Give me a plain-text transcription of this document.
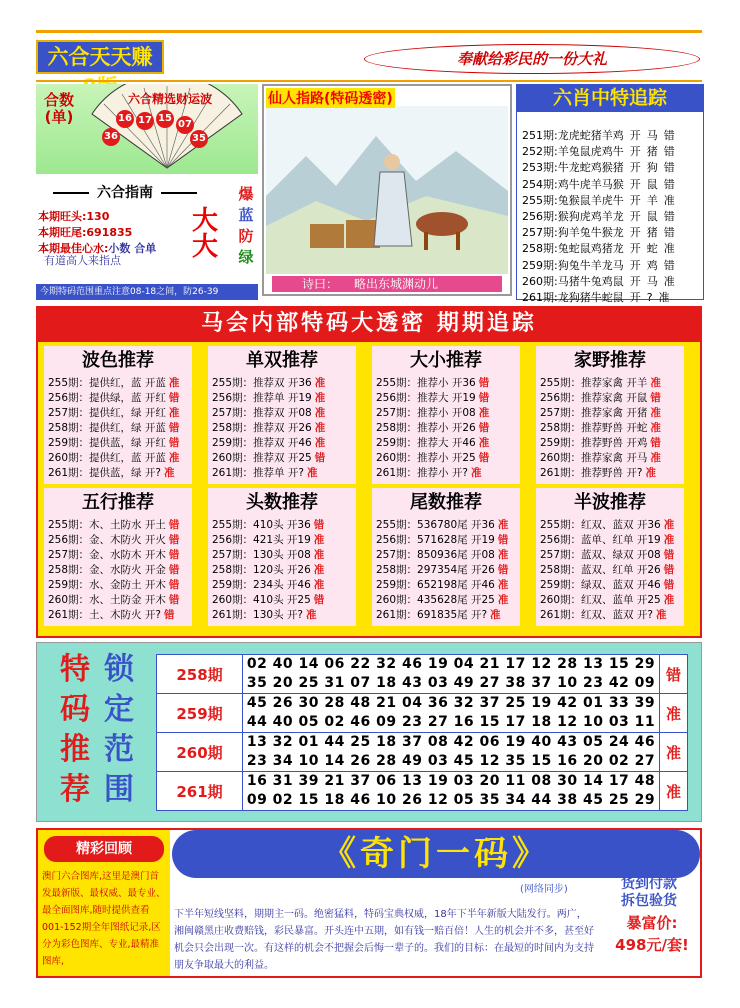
六合天天赚	奉献给彩民的一份大礼
合数(单)
六合精选财运波
16 17 15
07
36	35
六合指南
本期旺头:130
本期旺尾:691835
本期最佳心水:小数 合单
大大
爆
蓝
防
绿
有道高人来指点
今期特码范围重点注意08-18之间，防26-39
仙人指路(特码透密)
诗曰： 略出东城渊动儿
六肖中特追踪
251期:龙虎蛇猪羊鸡 开 马 错
252期:羊兔鼠虎鸡牛 开 猪 错
253期:牛龙蛇鸡猴猪 开 狗 错
254期:鸡牛虎羊马猴 开 鼠 错
255期:兔猴鼠羊虎牛 开 羊 准
256期:猴狗虎鸡羊龙 开 鼠 错
257期:狗羊兔牛猴龙 开 猪 错
258期:兔蛇鼠鸡猪龙 开 蛇 准
259期:狗兔牛羊龙马 开 鸡 错
260期:马猪牛兔鸡鼠 开 马 准
261期:龙狗猪牛蛇鼠 开 ? 准
马会内部特码大透密 期期追踪
波色推荐
255期：提供红，蓝 开蓝 准
256期：提供绿，蓝 开红 错
257期：提供红，绿 开红 准
258期：提供红，绿 开蓝 错
259期：提供蓝，绿 开红 错
260期：提供红，蓝 开蓝 准
261期：提供蓝，绿 开? 准
单双推荐
255期：推荐双 开36 准
256期：推荐单 开19 准
257期：推荐双 开08 准
258期：推荐双 开26 准
259期：推荐双 开46 准
260期：推荐双 开25 错
261期：推荐单 开? 准
大小推荐
255期：推荐小 开36 错
256期：推荐大 开19 错
257期：推荐小 开08 准
258期：推荐小 开26 错
259期：推荐大 开46 准
260期：推荐小 开25 错
261期：推荐小 开? 准
家野推荐
255期：推荐家禽 开羊 准
256期：推荐家禽 开鼠 错
257期：推荐家禽 开猪 准
258期：推荐野兽 开蛇 准
259期：推荐野兽 开鸡 错
260期：推荐家禽 开马 准
261期：推荐野兽 开? 准
五行推荐
255期：木、土防水 开土 错
256期：金、木防火 开火 错
257期：金、水防木 开木 错
258期：金、水防火 开金 错
259期：水、金防土 开木 错
260期：水、土防金 开木 错
261期：土、木防火 开? 错
头数推荐
255期：410头 开36 错
256期：421头 开19 准
257期：130头 开08 准
258期：120头 开26 准
259期：234头 开46 准
260期：410头 开25 错
261期：130头 开? 准
尾数推荐
255期：536780尾 开36 准
256期：571628尾 开19 错
257期：850936尾 开08 准
258期：297354尾 开26 错
259期：652198尾 开46 准
260期：435628尾 开25 准
261期：691835尾 开? 准
半波推荐
255期：红双、蓝双 开36 准
256期：蓝单、红单 开19 准
257期：蓝双、绿双 开08 错
258期：蓝双、红单 开26 错
259期：绿双、蓝双 开46 错
260期：红双、蓝单 开25 准
261期：红双、蓝双 开? 准
特
码
推
荐
锁
定
范
围
258期	02 40 14 06 22 32 46 19 04 21 17 12 28 13 15 29
35 20 25 31 07 18 43 03 49 27 38 37 10 23 42 09	错
259期	45 26 30 28 48 21 04 36 32 37 25 19 42 01 33 39
44 40 05 02 46 09 23 27 16 15 17 18 12 10 03 11	准
260期	13 32 01 44 25 18 37 08 42 06 19 40 43 05 24 46
23 34 10 14 26 28 49 03 45 12 35 15 16 20 02 27	准
261期	16 31 39 21 37 06 13 19 03 20 11 08 30 14 17 48
09 02 15 18 46 10 26 12 05 35 34 44 38 45 25 29	准
精彩回顾
澳门六合图库,这里是澳门首发最新版、最权威、最专业、最全面图库,随时提供查看001-152期全年图纸记录,区分为彩色图库、专业,最精准图库,
《奇门一码》
(网络同步)
下半年短线坚料，期期主一码。绝密猛料，特码宝典权威，18年下半年新版大陆发行。两广，湘闽赣黑庄收费赔钱，彩民暴富。开头连中五期，如有钱一赔百倍！人生的机会并不多，甚至好机会只会出现一次。有这样的机会不把握会后悔一辈子的。我们的目标：在最短的时间内为支持朋友争取最大的利益。
货到付款
拆包验货
暴富价:
498元/套!
